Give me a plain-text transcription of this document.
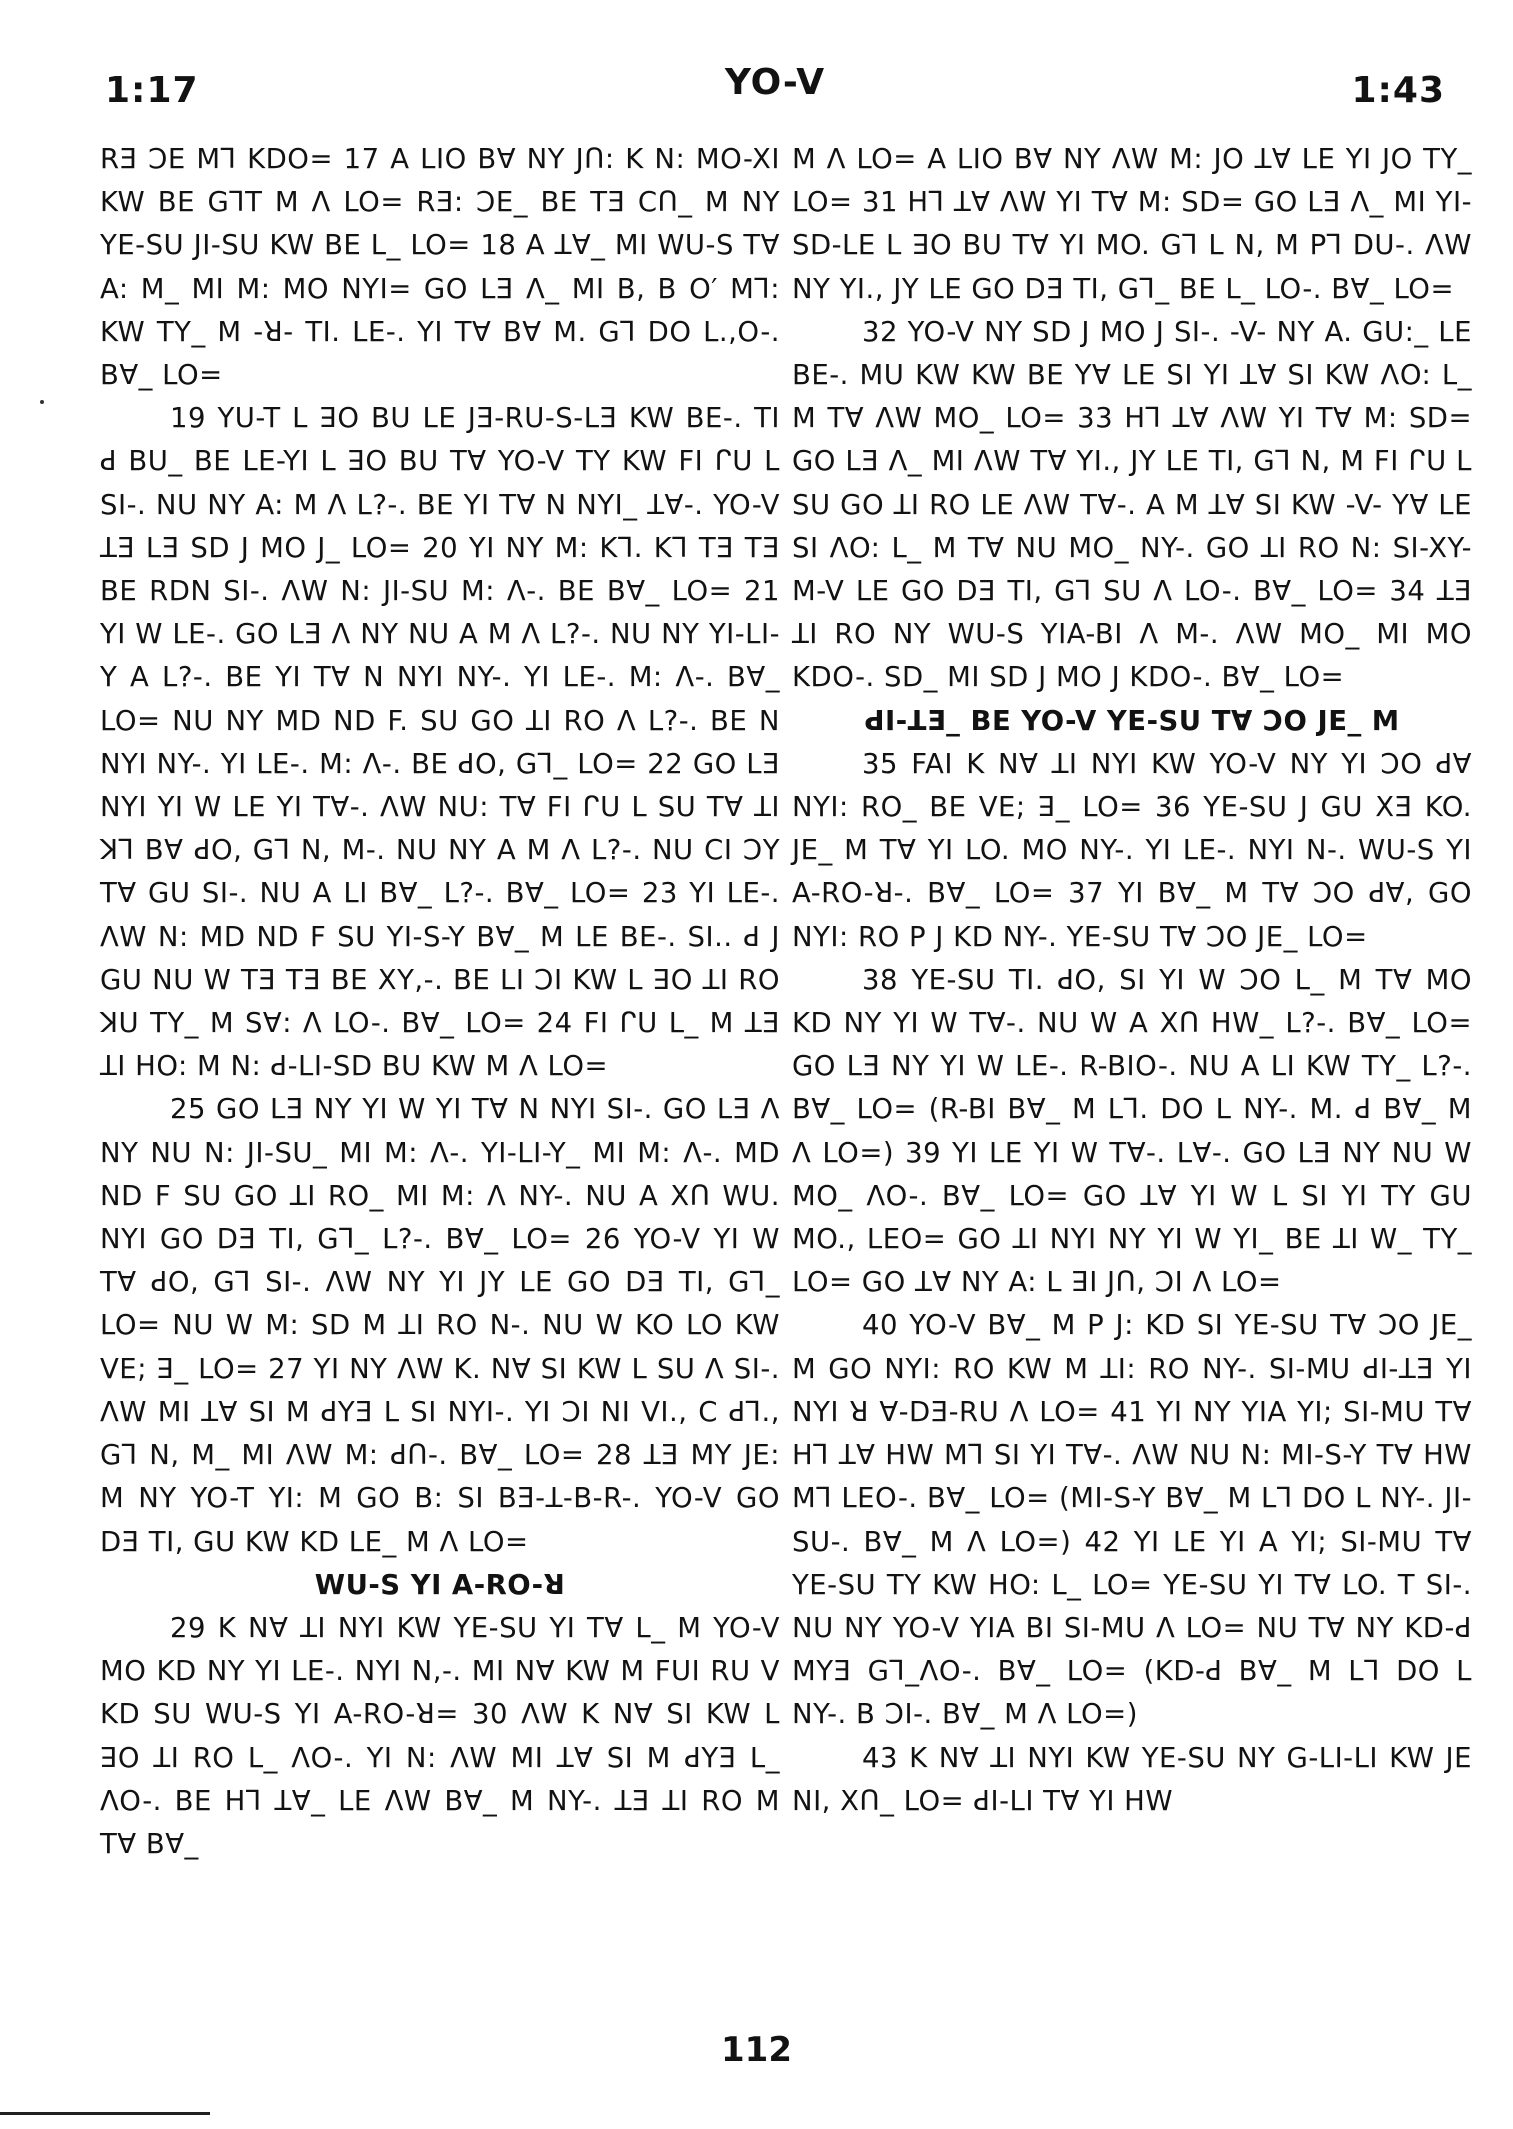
1:17	YO-V	1:43

RƎ ƆE Mꓶ KDO= 17 A LIO BⱯ NY JՈ: K N: MO-XI KW BE GꓶT M Λ LO= RƎ: ƆE_ BE TƎ CՈ_ M NY YE-SU JI-SU KW BE L_ LO= 18 A ꓕⱯ_ MI WU-S TⱯ A: M_ MI M: MO NYI= GO LƎ Λ_ MI B, B O′ Mꓶ: KW TY_ M -ꓤ- TI. LE-. YI TⱯ BⱯ M. Gꓶ DO L.,O-. BⱯ_ LO=

19 YU-T L ꓱO BU LE JƎ-RU-S-LƎ KW BE-. TI ꓒ BU_ BE LE-YI L ꓱO BU TⱯ YO-V TY KW FI ᒋU L SI-. NU NY A: M Λ L?-. BE YI TⱯ N NYI_ ꓕⱯ-. YO-V ꓕƎ LƎ SD J MO J_ LO= 20 YI NY M: Kꓶ. Kꓶ TƎ TƎ BE RDN SI-. ΛW N: JI-SU M: Λ-. BE BⱯ_ LO= 21 YI W LE-. GO LƎ Λ NY NU A M Λ L?-. NU NY YI-LI-Y A L?-. BE YI TⱯ N NYI NY-. YI LE-. M: Λ-. BⱯ_ LO= NU NY MD ND F. SU GO ꓕI RO Λ L?-. BE N NYI NY-. YI LE-. M: Λ-. BE ꓒO, Gꓶ_ LO= 22 GO LƎ NYI YI W LE YI TⱯ-. ΛW NU: TⱯ FI ᒋU L SU TⱯ ꓕI ꓘꓶ BⱯ ꓒO, Gꓶ N, M-. NU NY A M Λ L?-. NU CI ƆY TⱯ GU SI-. NU A LI BⱯ_ L?-. BⱯ_ LO= 23 YI LE-. ΛW N: MD ND F SU YI-S-Y BⱯ_ M LE BE-. SI.. ꓒ J GU NU W TƎ TƎ BE XY,-. BE LI ƆI KW L ꓱO ꓕI RO ꓘU TY_ M SⱯ: Λ LO-. BⱯ_ LO= 24 FI ᒋU L_ M ꓕƎ ꓕI HO: M N: ꓒ-LI-SD BU KW M Λ LO=

25 GO LƎ NY YI W YI TⱯ N NYI SI-. GO LƎ Λ NY NU N: JI-SU_ MI M: Λ-. YI-LI-Y_ MI M: Λ-. MD ND F SU GO ꓕI RO_ MI M: Λ NY-. NU A XՈ WU. NYI GO DƎ TI, Gꓶ_ L?-. BⱯ_ LO= 26 YO-V YI W TⱯ ꓒO, Gꓶ SI-. ΛW NY YI JY LE GO DƎ TI, Gꓶ_ LO= NU W M: SD M ꓕI RO N-. NU W KO LO KW VE; ꓱ_ LO= 27 YI NY ΛW K. NⱯ SI KW L SU Λ SI-. ΛW MI ꓕⱯ SI M ꓒYƎ L SI NYI-. YI ƆI NI VI., C ꓒꓶ., Gꓶ N, M_ MI ΛW M: ꓒՈ-. BⱯ_ LO= 28 ꓕƎ MY JE: M NY YO-T YI: M GO B: SI BƎ-ꓕ-B-R-. YO-V GO DƎ TI, GU KW KD LE_ M Λ LO=

WU-S YI A-RO-ꓤ

29 K NⱯ ꓕI NYI KW YE-SU YI TⱯ L_ M YO-V MO KD NY YI LE-. NYI N,-. MI NⱯ KW M FUI RU V KD SU WU-S YI A-RO-ꓤ= 30 ΛW K NⱯ SI KW L ꓱO ꓕI RO L_ ΛO-. YI N: ΛW MI ꓕⱯ SI M ꓒYƎ L_ ΛO-. BE Hꓶ ꓕⱯ_ LE ΛW BⱯ_ M NY-. ꓕƎ ꓕI RO M TⱯ BⱯ_

M Λ LO= A LIO BⱯ NY ΛW M: JO ꓕⱯ LE YI JO TY_ LO= 31 Hꓶ ꓕⱯ ΛW YI TⱯ M: SD= GO LƎ Λ_ MI YI-SD-LE L ꓱO BU TⱯ YI MO. Gꓶ L N, M Pꓶ DU-. ΛW NY YI., JY LE GO DƎ TI, Gꓶ_ BE L_ LO-. BⱯ_ LO=

32 YO-V NY SD J MO J SI-. -V- NY A. GU:_ LE BE-. MU KW KW BE YⱯ LE SI YI ꓕⱯ SI KW ΛO: L_ M TⱯ ΛW MO_ LO= 33 Hꓶ ꓕⱯ ΛW YI TⱯ M: SD= GO LƎ Λ_ MI ΛW TⱯ YI., JY LE TI, Gꓶ N, M FI ᒋU L SU GO ꓕI RO LE ΛW TⱯ-. A M ꓕⱯ SI KW -V- YⱯ LE SI ΛO: L_ M TⱯ NU MO_ NY-. GO ꓕI RO N: SI-XY-M-V LE GO DƎ TI, Gꓶ SU Λ LO-. BⱯ_ LO= 34 ꓕƎ ꓕI RO NY WU-S YIA-BI Λ M-. ΛW MO_ MI MO KDO-. SD_ MI SD J MO J KDO-. BⱯ_ LO=

ꓒI-ꓕƎ_ BE YO-V YE-SU TⱯ ƆO JE_ M

35 FAI K NⱯ ꓕI NYI KW YO-V NY YI ƆO ꓒⱯ NYI: RO_ BE VE; ꓱ_ LO= 36 YE-SU J GU XƎ KO. JE_ M TⱯ YI LO. MO NY-. YI LE-. NYI N-. WU-S YI A-RO-ꓤ-. BⱯ_ LO= 37 YI BⱯ_ M TⱯ ƆO ꓒⱯ, GO NYI: RO P J KD NY-. YE-SU TⱯ ƆO JE_ LO=

38 YE-SU TI. ꓒO, SI YI W ƆO L_ M TⱯ MO KD NY YI W TⱯ-. NU W A XՈ HW_ L?-. BⱯ_ LO= GO LƎ NY YI W LE-. R-BIO-. NU A LI KW TY_ L?-. BⱯ_ LO= (R-BI BⱯ_ M Lꓶ. DO L NY-. M. ꓒ BⱯ_ M Λ LO=) 39 YI LE YI W TⱯ-. LⱯ-. GO LƎ NY NU W MO_ ΛO-. BⱯ_ LO= GO ꓕⱯ YI W L SI YI TY GU MO., LEO= GO ꓕI NYI NY YI W YI_ BE ꓕI W_ TY_ LO= GO ꓕⱯ NY A: L ꓱI JՈ, ƆI Λ LO=

40 YO-V BⱯ_ M P J: KD SI YE-SU TⱯ ƆO JE_ M GO NYI: RO KW M ꓕI: RO NY-. SI-MU ꓒI-ꓕƎ YI NYI ꓤ Ɐ-DƎ-RU Λ LO= 41 YI NY YIA YI; SI-MU TⱯ Hꓶ ꓕⱯ HW Mꓶ SI YI TⱯ-. ΛW NU N: MI-S-Y TⱯ HW Mꓶ LEO-. BⱯ_ LO= (MI-S-Y BⱯ_ M Lꓶ DO L NY-. JI-SU-. BⱯ_ M Λ LO=) 42 YI LE YI A YI; SI-MU TⱯ YE-SU TY KW HO: L_ LO= YE-SU YI TⱯ LO. T SI-. NU NY YO-V YIA BI SI-MU Λ LO= NU TⱯ NY KD-ꓒ MYƎ Gꓶ_ΛO-. BⱯ_ LO= (KD-ꓒ BⱯ_ M Lꓶ DO L NY-. B ƆI-. BⱯ_ M Λ LO=)

43 K NⱯ ꓕI NYI KW YE-SU NY G-LI-LI KW JE NI, XՈ_ LO= ꓒI-LI TⱯ YI HW

112
